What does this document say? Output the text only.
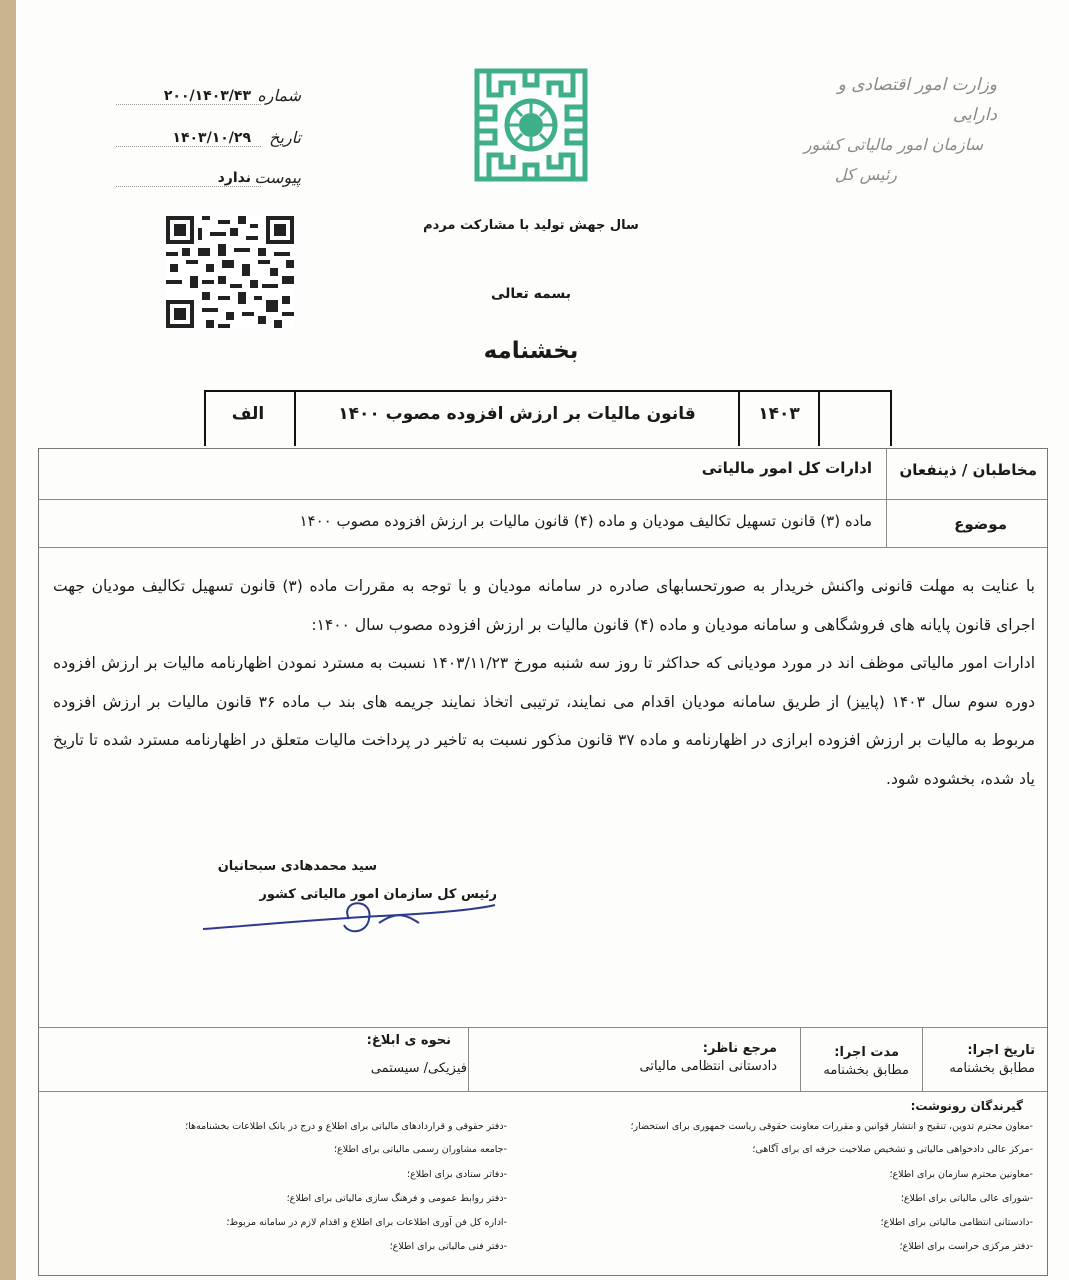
وزارت امور اقتصادی و دارایی
سازمان امور مالیاتی کشور
رئیس کل
سال جهش تولید با مشارکت مردم
بسمه تعالی
بخشنامه
شماره
۲۰۰/۱۴۰۳/۴۳
تاریخ
۱۴۰۳/۱۰/۲۹
پیوست
ندارد
۱۴۰۳
قانون مالیات بر ارزش افزوده مصوب ۱۴۰۰
الف
مخاطبان / ذینفعان
ادارات کل امور مالیاتی
موضوع
ماده (۳) قانون تسهیل تکالیف مودیان و ماده (۴) قانون مالیات بر ارزش افزوده مصوب ۱۴۰۰

با عنایت به مهلت قانونی واکنش خریدار به صورتحسابهای صادره در سامانه مودیان و با توجه به مقررات ماده (۳) قانون تسهیل تکالیف مودیان جهت اجرای قانون پایانه های فروشگاهی و سامانه مودیان و ماده (۴) قانون مالیات بر ارزش افزوده مصوب سال ۱۴۰۰:

ادارات امور مالیاتی موظف اند در مورد مودیانی که حداکثر تا روز سه شنبه مورخ ۱۴۰۳/۱۱/۲۳ نسبت به مسترد نمودن اظهارنامه مالیات بر ارزش افزوده دوره سوم سال ۱۴۰۳ (پاییز) از طریق سامانه مودیان اقدام می نمایند، ترتیبی اتخاذ نمایند جریمه های بند ب ماده ۳۶ قانون مالیات بر ارزش افزوده مربوط به مالیات بر ارزش افزوده ابرازی در اظهارنامه و ماده ۳۷ قانون مذکور نسبت به تاخیر در پرداخت مالیات متعلق در اظهارنامه مسترد شده تا تاریخ یاد شده، بخشوده شود.

سید محمدهادی سبحانیان
رئیس کل سازمان امور مالیاتی کشور
تاریخ اجرا:
مطابق بخشنامه
مدت اجرا:
مطابق بخشنامه
مرجع ناظر:
دادستانی انتظامی مالیاتی
نحوه ی ابلاغ:
فیزیکی/ سیستمی
گیرندگان رونوشت:
-معاون محترم تدوین، تنقیح و انتشار قوانین و مقررات معاونت حقوقی ریاست جمهوری برای استحضار؛
-مرکز عالی دادخواهی مالیاتی و تشخیص صلاحیت حرفه ای برای آگاهی؛
-معاونین محترم سازمان برای اطلاع؛
-شورای عالی مالیاتی برای اطلاع؛
-دادستانی انتظامی مالیاتی برای اطلاع؛
-دفتر مرکزی حراست برای اطلاع؛
-دفتر حقوقی و قراردادهای مالیاتی برای اطلاع و درج در بانک اطلاعات بخشنامه‌ها؛
-جامعه مشاوران رسمی مالیاتی برای اطلاع؛
-دفاتر ستادی برای اطلاع؛
-دفتر روابط عمومی و فرهنگ سازی مالیاتی برای اطلاع؛
-اداره کل فن آوری اطلاعات برای اطلاع و اقدام لازم در سامانه مربوط؛
-دفتر فنی مالیاتی برای اطلاع؛
